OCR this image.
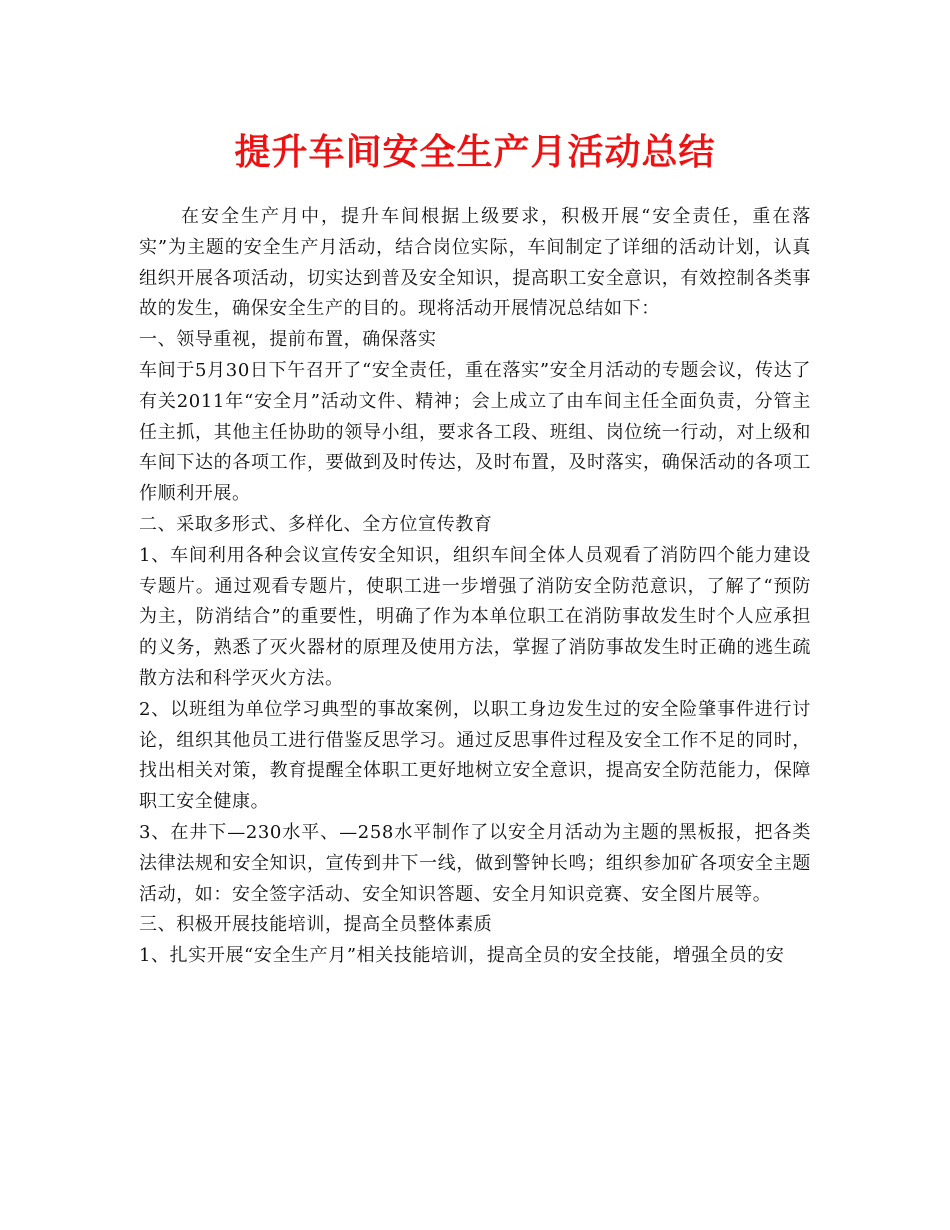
提升车间安全生产月活动总结

在安全生产月中，提升车间根据上级要求，积极开展“安全责任，重在落实”为主题的安全生产月活动，结合岗位实际，车间制定了详细的活动计划，认真组织开展各项活动，切实达到普及安全知识，提高职工安全意识，有效控制各类事故的发生，确保安全生产的目的。现将活动开展情况总结如下：

一、领导重视，提前布置，确保落实

车间于5月30日下午召开了“安全责任，重在落实”安全月活动的专题会议，传达了有关2011年“安全月”活动文件、精神；会上成立了由车间主任全面负责，分管主任主抓，其他主任协助的领导小组，要求各工段、班组、岗位统一行动，对上级和车间下达的各项工作，要做到及时传达，及时布置，及时落实，确保活动的各项工作顺利开展。

二、采取多形式、多样化、全方位宣传教育

1、车间利用各种会议宣传安全知识，组织车间全体人员观看了消防四个能力建设专题片。通过观看专题片，使职工进一步增强了消防安全防范意识，了解了“预防为主，防消结合”的重要性，明确了作为本单位职工在消防事故发生时个人应承担的义务，熟悉了灭火器材的原理及使用方法，掌握了消防事故发生时正确的逃生疏散方法和科学灭火方法。

2、以班组为单位学习典型的事故案例，以职工身边发生过的安全险肇事件进行讨论，组织其他员工进行借鉴反思学习。通过反思事件过程及安全工作不足的同时，找出相关对策，教育提醒全体职工更好地树立安全意识，提高安全防范能力，保障职工安全健康。

3、在井下—230水平、—258水平制作了以安全月活动为主题的黑板报，把各类法律法规和安全知识，宣传到井下一线，做到警钟长鸣；组织参加矿各项安全主题活动，如：安全签字活动、安全知识答题、安全月知识竞赛、安全图片展等。

三、积极开展技能培训，提高全员整体素质

1、扎实开展“安全生产月”相关技能培训，提高全员的安全技能，增强全员的安
